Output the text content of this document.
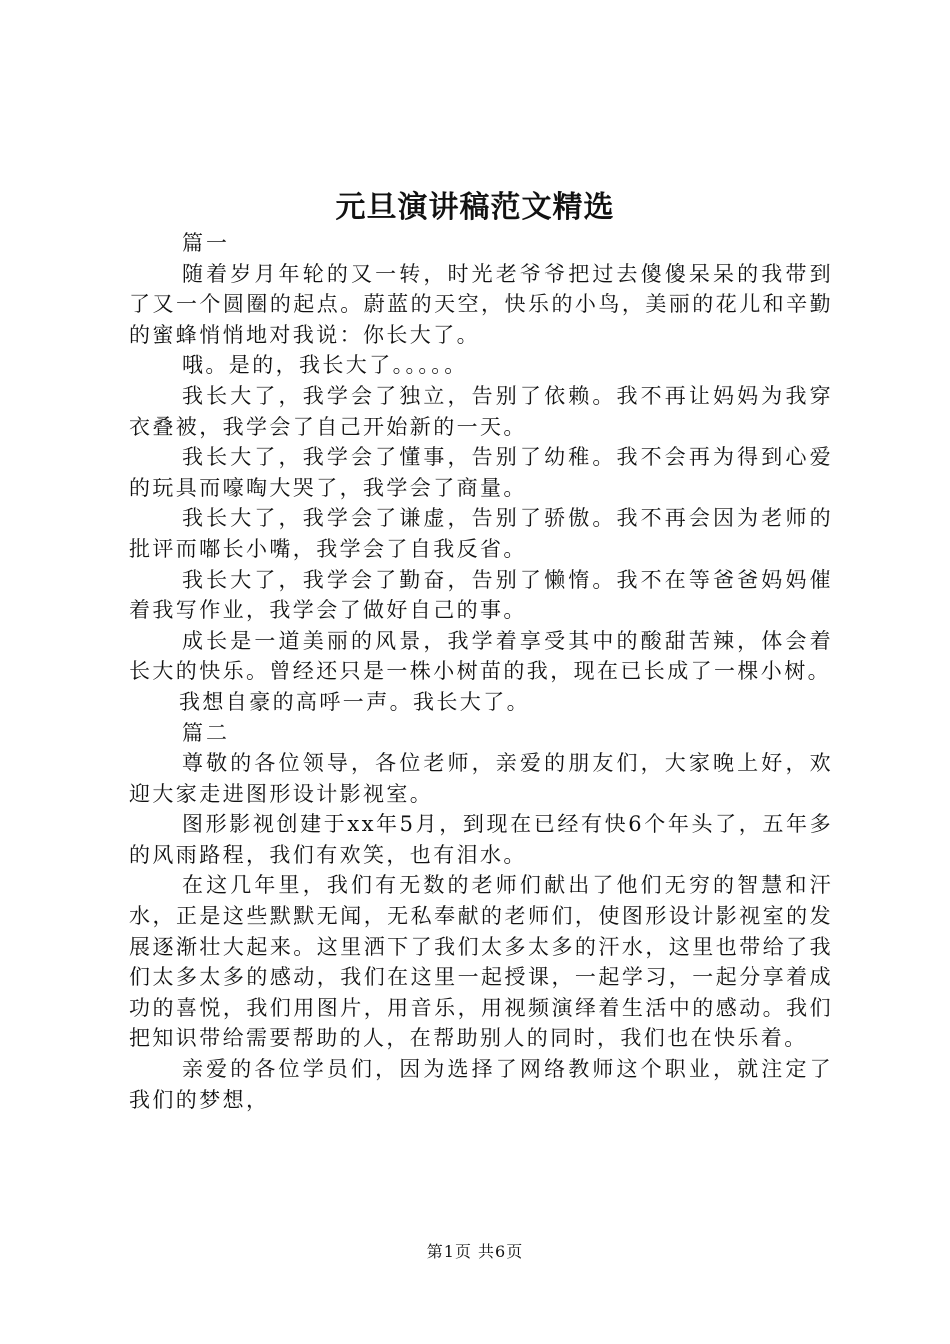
元旦演讲稿范文精选

篇一

随着岁月年轮的又一转，时光老爷爷把过去傻傻呆呆的我带到了又一个圆圈的起点。蔚蓝的天空，快乐的小鸟，美丽的花儿和辛勤的蜜蜂悄悄地对我说：你长大了。

哦。是的，我长大了。。。。。

我长大了，我学会了独立，告别了依赖。我不再让妈妈为我穿衣叠被，我学会了自己开始新的一天。

我长大了，我学会了懂事，告别了幼稚。我不会再为得到心爱的玩具而嚎啕大哭了，我学会了商量。

我长大了，我学会了谦虚，告别了骄傲。我不再会因为老师的批评而嘟长小嘴，我学会了自我反省。

我长大了，我学会了勤奋，告别了懒惰。我不在等爸爸妈妈催着我写作业，我学会了做好自己的事。

成长是一道美丽的风景，我学着享受其中的酸甜苦辣，体会着长大的快乐。曾经还只是一株小树苗的我，现在已长成了一棵小树。

我想自豪的高呼一声。我长大了。

篇二

尊敬的各位领导，各位老师，亲爱的朋友们，大家晚上好，欢迎大家走进图形设计影视室。

图形影视创建于xx年5月，到现在已经有快6个年头了，五年多的风雨路程，我们有欢笑，也有泪水。

在这几年里，我们有无数的老师们献出了他们无穷的智慧和汗水，正是这些默默无闻，无私奉献的老师们，使图形设计影视室的发展逐渐壮大起来。这里洒下了我们太多太多的汗水，这里也带给了我们太多太多的感动，我们在这里一起授课，一起学习，一起分享着成功的喜悦，我们用图片，用音乐，用视频演绎着生活中的感动。我们把知识带给需要帮助的人，在帮助别人的同时，我们也在快乐着。

亲爱的各位学员们，因为选择了网络教师这个职业，就注定了我们的梦想，

第1页 共6页
